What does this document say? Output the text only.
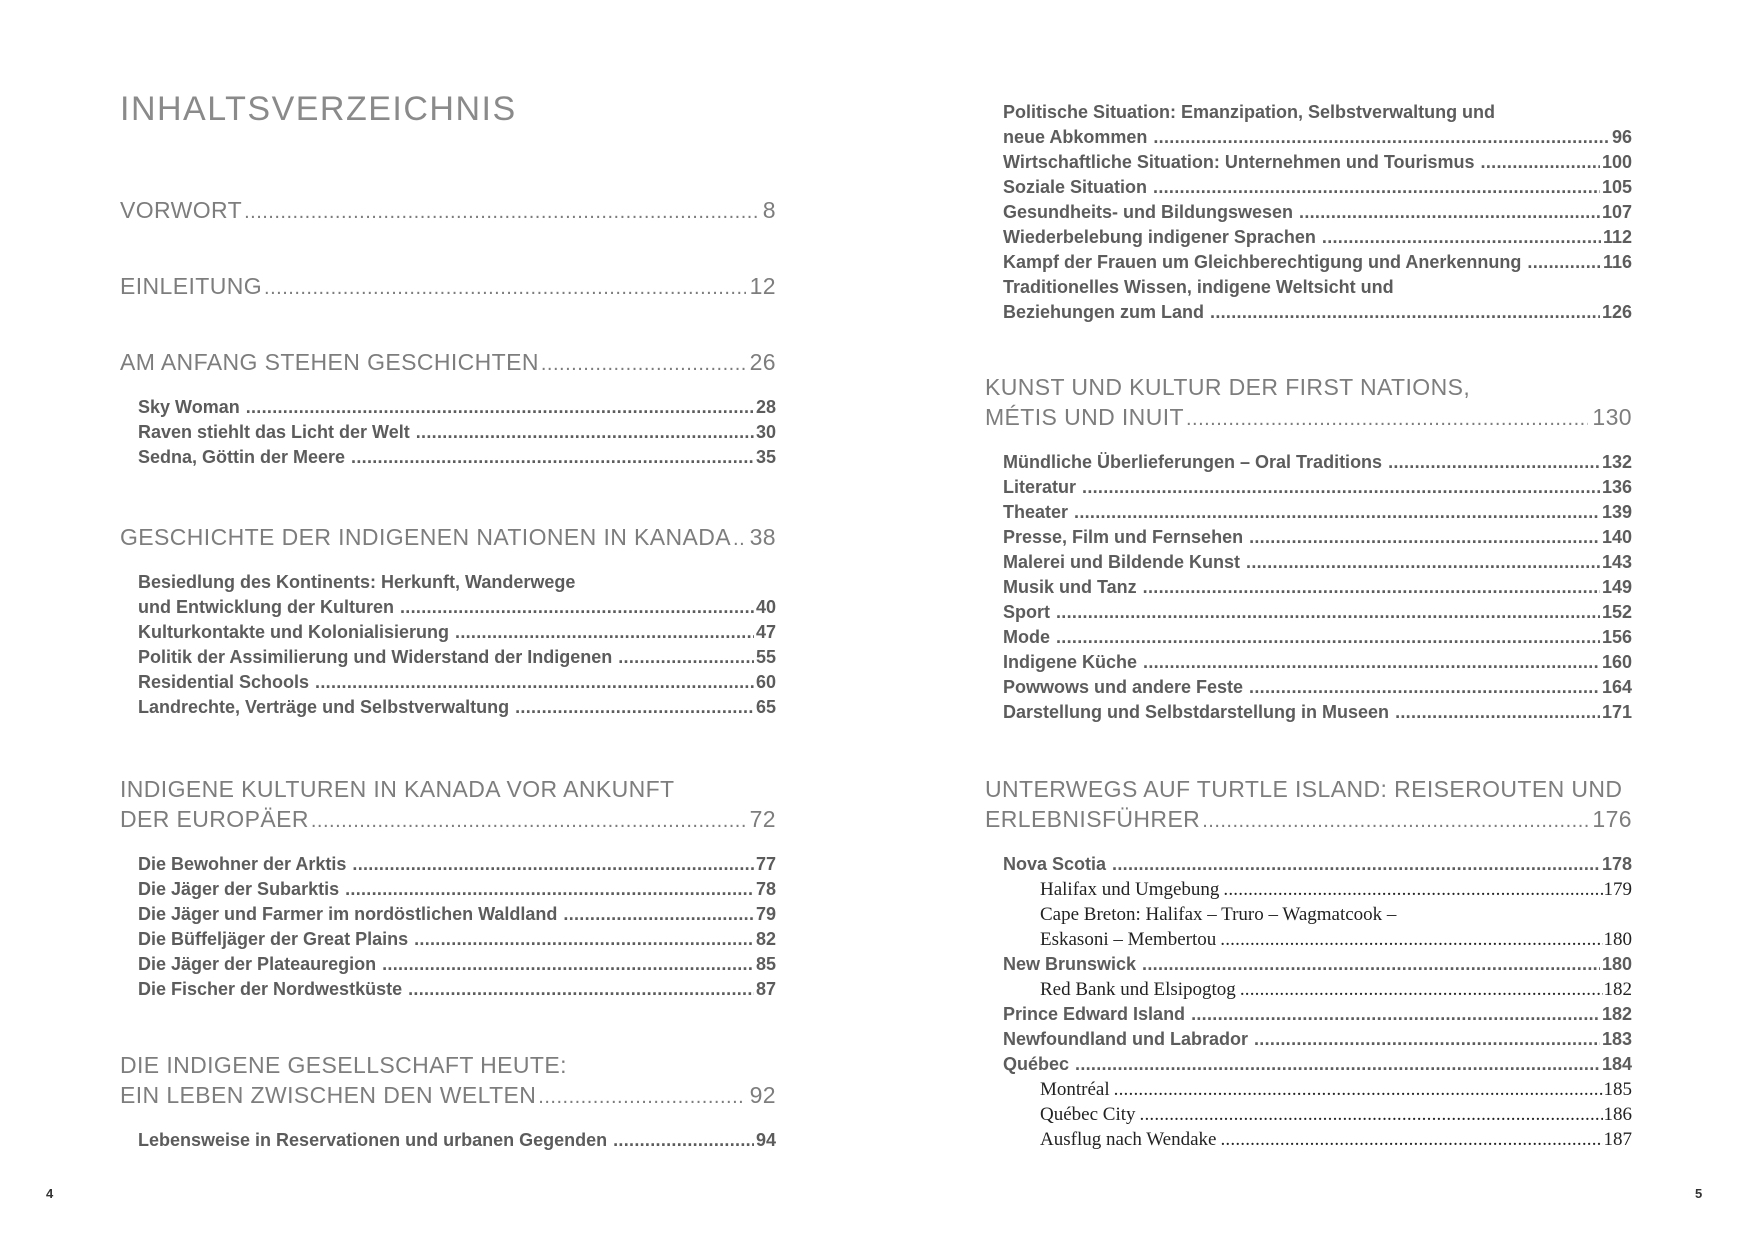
INHALTSVERZEICHNIS
VORWORT .....	8
EINLEITUNG .....	12
AM ANFANG STEHEN GESCHICHTEN .....	26
Sky Woman .....	28
Raven stiehlt das Licht der Welt .....	30
Sedna, Göttin der Meere .....	35
GESCHICHTE DER INDIGENEN NATIONEN IN KANADA ..... 38
Besiedlung des Kontinents: Herkunft, Wanderwege
und Entwicklung der Kulturen .....	40
Kulturkontakte und Kolonialisierung .....	47
Politik der Assimilierung und Widerstand der Indigenen .....	55
Residential Schools .....	60
Landrechte, Verträge und Selbstverwaltung .....	65
INDIGENE KULTUREN IN KANADA VOR ANKUNFT
DER EUROPÄER .....	72
Die Bewohner der Arktis .....	77
Die Jäger der Subarktis .....	78
Die Jäger und Farmer im nordöstlichen Waldland .....	79
Die Büffeljäger der Great Plains .....	82
Die Jäger der Plateauregion .....	85
Die Fischer der Nordwestküste .....	87
DIE INDIGENE GESELLSCHAFT HEUTE:
EIN LEBEN ZWISCHEN DEN WELTEN .....	92
Lebensweise in Reservationen und urbanen Gegenden .....	94
4
Politische Situation: Emanzipation, Selbstverwaltung und
neue Abkommen .....	96
Wirtschaftliche Situation: Unternehmen und Tourismus .....	100
Soziale Situation .....	105
Gesundheits- und Bildungswesen .....	107
Wiederbelebung indigener Sprachen .....	112
Kampf der Frauen um Gleichberechtigung und Anerkennung .....	116
Traditionelles Wissen, indigene Weltsicht und
Beziehungen zum Land .....	126
KUNST UND KULTUR DER FIRST NATIONS,
MÉTIS UND INUIT .....	130
Mündliche Überlieferungen – Oral Traditions .....	132
Literatur .....	136
Theater .....	139
Presse, Film und Fernsehen .....	140
Malerei und Bildende Kunst .....	143
Musik und Tanz .....	149
Sport .....	152
Mode .....	156
Indigene Küche .....	160
Powwows und andere Feste .....	164
Darstellung und Selbstdarstellung in Museen .....	171
UNTERWEGS AUF TURTLE ISLAND: REISEROUTEN UND
ERLEBNISFÜHRER .....	176
Nova Scotia .....	178
Halifax und Umgebung .....	179
Cape Breton: Halifax – Truro – Wagmatcook –
Eskasoni – Membertou .....	180
New Brunswick .....	180
Red Bank und Elsipogtog .....	182
Prince Edward Island .....	182
Newfoundland und Labrador .....	183
Québec .....	184
Montréal .....	185
Québec City .....	186
Ausflug nach Wendake .....	187
5
